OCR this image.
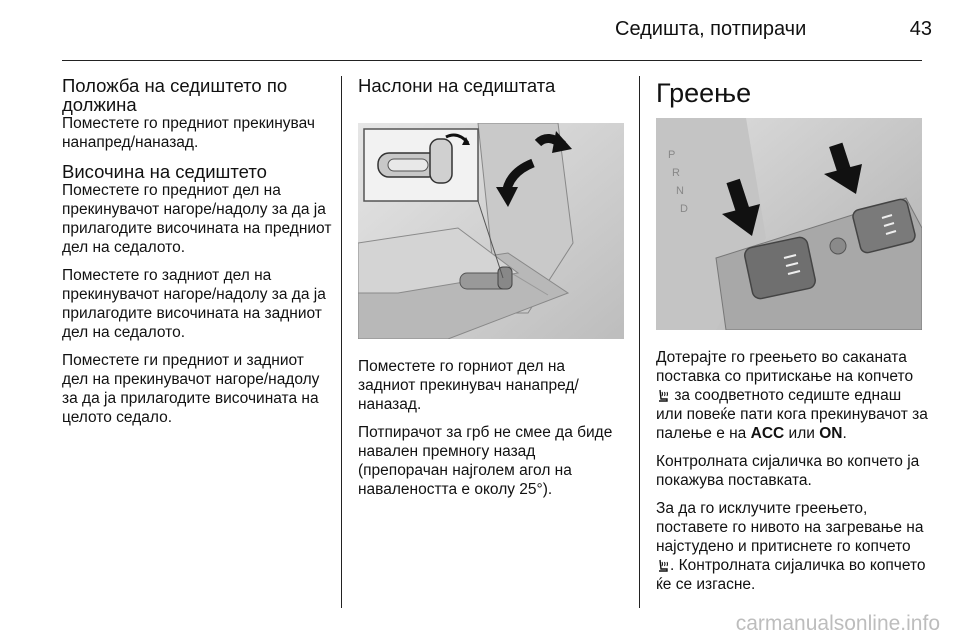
Седишта, потпирачи	43
Положба на седиштето по должина

Поместете го предниот прекинувач нанапред/наназад.

Височина на седиштето

Поместете го предниот дел на прекинувачот нагоре/надолу за да ја прилагодите височината на предниот дел на седалото.

Поместете го задниот дел на прекинувачот нагоре/надолу за да ја прилагодите височината на задниот дел на седалото.

Поместете ги предниот и задниот дел на прекинувачот нагоре/надолу за да ја прилагодите височината на целото седало.

Наслони на седиштата

Поместете го горниот дел на задниот прекинувач нанапред/наназад.

Потпирачот за грб не смее да биде навален премногу назад (препорачан најголем агол на навалеността е околу 25°).

Греење
P
R
N
D

Дотерајте го греењето во саканата поставка со притискање на копчето  за соодветното седиште еднаш или повеќе пати кога прекинувачот за палење е на ACC или ON.

Контролната сијаличка во копчето ја покажува поставката.

За да го исклучите греењето, поставете го нивото на загревање на најстудено и притиснете го копчето . Контролната сијаличка во копчето ќе се изгасне.

carmanualsonline.info
